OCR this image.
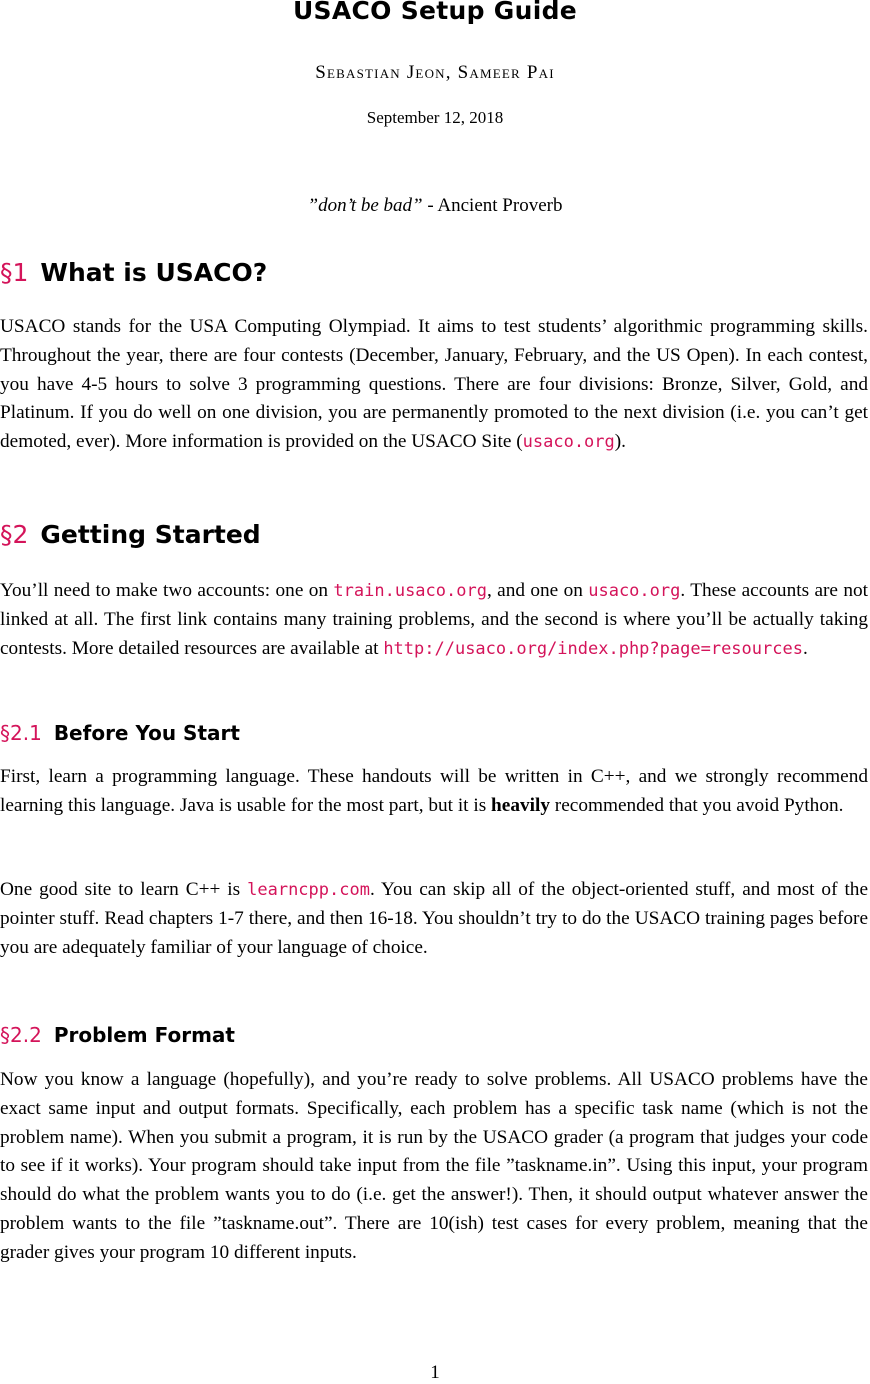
USACO Setup Guide
Sebastian Jeon, Sameer Pai
September 12, 2018
”don’t be bad” - Ancient Proverb
§1 What is USACO?

USACO stands for the USA Computing Olympiad. It aims to test students’ algorithmic programming skills. Throughout the year, there are four contests (December, January, February, and the US Open). In each contest, you have 4-5 hours to solve 3 programming questions. There are four divisions: Bronze, Silver, Gold, and Platinum. If you do well on one division, you are permanently promoted to the next division (i.e. you can’t get demoted, ever). More information is provided on the USACO Site (usaco.org).

§2 Getting Started

You’ll need to make two accounts: one on train.usaco.org, and one on usaco.org. These accounts are not linked at all. The first link contains many training problems, and the second is where you’ll be actually taking contests. More detailed resources are available at http://usaco.org/index.php?page=resources.

§2.1 Before You Start

First, learn a programming language. These handouts will be written in C++, and we strongly recommend learning this language. Java is usable for the most part, but it is heavily recommended that you avoid Python.

One good site to learn C++ is learncpp.com. You can skip all of the object-oriented stuff, and most of the pointer stuff. Read chapters 1-7 there, and then 16-18. You shouldn’t try to do the USACO training pages before you are adequately familiar of your language of choice.

§2.2 Problem Format

Now you know a language (hopefully), and you’re ready to solve problems. All USACO problems have the exact same input and output formats. Specifically, each problem has a specific task name (which is not the problem name). When you submit a program, it is run by the USACO grader (a program that judges your code to see if it works). Your program should take input from the file ”taskname.in”. Using this input, your program should do what the problem wants you to do (i.e. get the answer!). Then, it should output whatever answer the problem wants to the file ”taskname.out”. There are 10(ish) test cases for every problem, meaning that the grader gives your program 10 different inputs.

1
